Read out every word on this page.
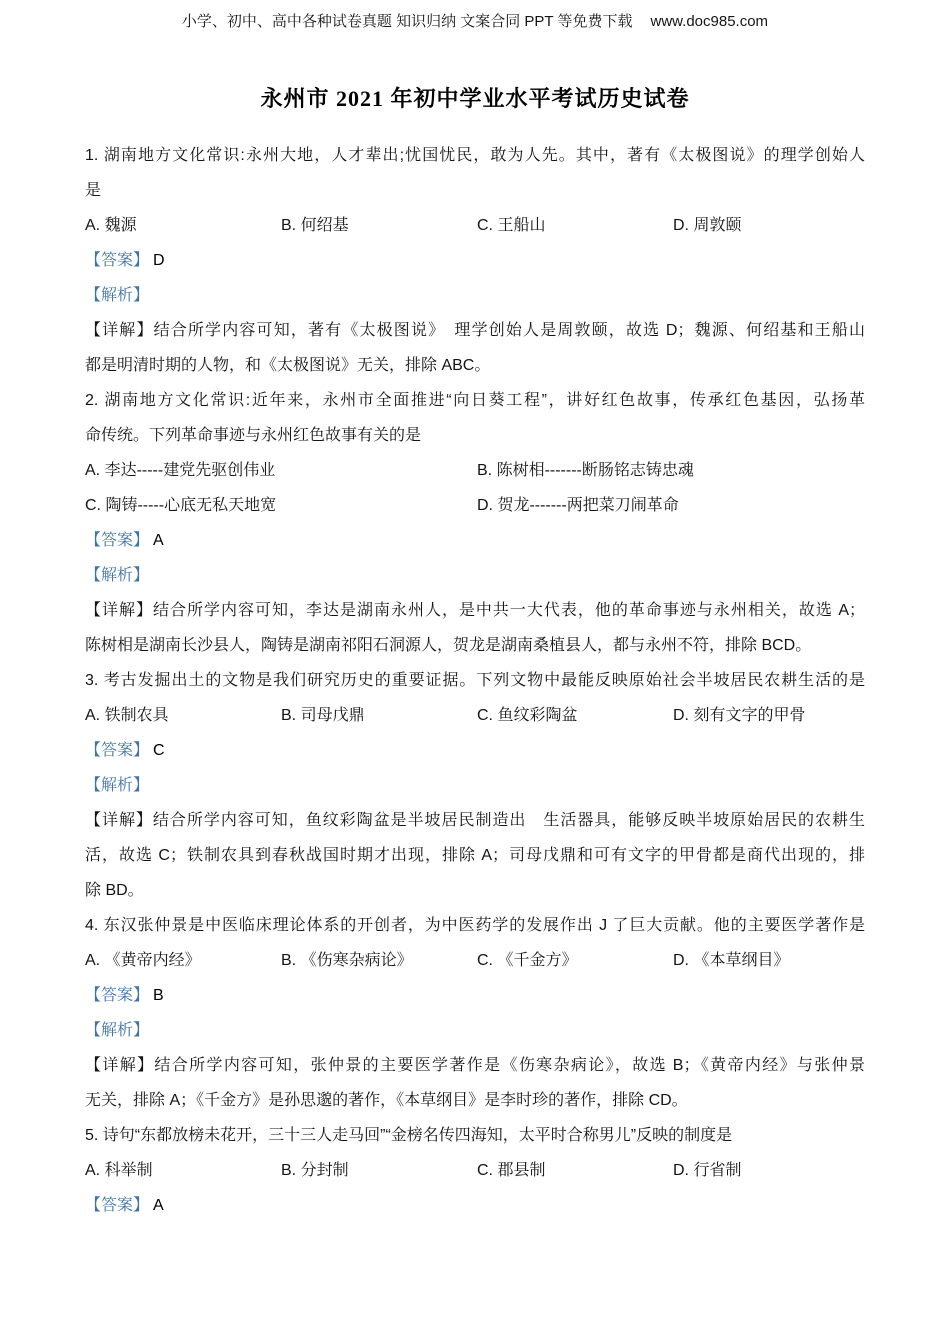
小学、初中、高中各种试卷真题 知识归纳 文案合同 PPT 等免费下载 www.doc985.com
永州市 2021 年初中学业水平考试历史试卷
1. 湖南地方文化常识:永州大地，人才辈出;忧国忧民，敢为人先。其中，著有《太极图说》的理学创始人
是
A. 魏源	B. 何绍基	C. 王船山	D. 周敦颐
【答案】 D
【解析】
【详解】结合所学内容可知，著有《太极图说》　理学创始人是周敦颐，故选 D；魏源、何绍基和王船山
都是明清时期的人物，和《太极图说》无关，排除 ABC。
2. 湖南地方文化常识:近年来，永州市全面推进“向日葵工程”，讲好红色故事，传承红色基因，弘扬革
命传统。下列革命事迹与永州红色故事有关的是
A. 李达-----建党先驱创伟业	B. 陈树相-------断肠铭志铸忠魂
C. 陶铸-----心底无私天地宽	D. 贺龙-------两把菜刀闹革命
【答案】 A
【解析】
【详解】结合所学内容可知，李达是湖南永州人，是中共一大代表，他的革命事迹与永州相关，故选 A；
陈树相是湖南长沙县人，陶铸是湖南祁阳石洞源人，贺龙是湖南桑植县人，都与永州不符，排除 BCD。
3. 考古发掘出土的文物是我们研究历史的重要证据。下列文物中最能反映原始社会半坡居民农耕生活的是
A. 铁制农具	B. 司母戊鼎	C. 鱼纹彩陶盆	D. 刻有文字的甲骨
【答案】 C
【解析】
【详解】结合所学内容可知，鱼纹彩陶盆是半坡居民制造出　生活器具，能够反映半坡原始居民的农耕生
活，故选 C；铁制农具到春秋战国时期才出现，排除 A；司母戊鼎和可有文字的甲骨都是商代出现的，排
除 BD。
4. 东汉张仲景是中医临床理论体系的开创者，为中医药学的发展作出 J 了巨大贡献。他的主要医学著作是
A. 《黄帝内经》	B. 《伤寒杂病论》	C. 《千金方》	D. 《本草纲目》
【答案】 B
【解析】
【详解】结合所学内容可知，张仲景的主要医学著作是《伤寒杂病论》，故选 B；《黄帝内经》与张仲景
无关，排除 A；《千金方》是孙思邈的著作，《本草纲目》是李时珍的著作，排除 CD。
5. 诗句“东都放榜未花开，三十三人走马回”“金榜名传四海知，太平时合称男儿”反映的制度是
A. 科举制	B. 分封制	C. 郡县制	D. 行省制
【答案】 A
